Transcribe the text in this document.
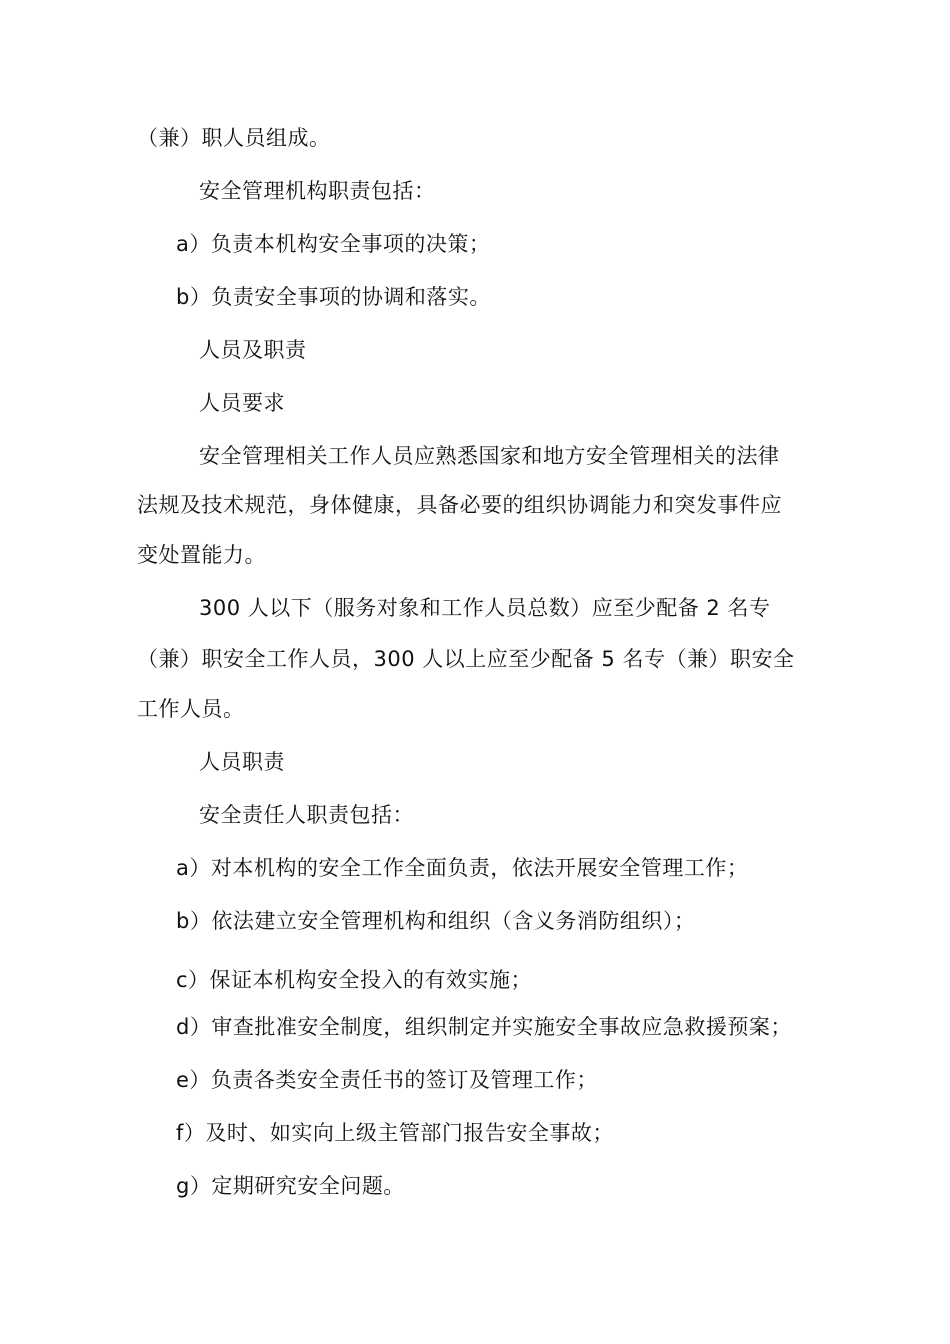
（兼）职人员组成。
安全管理机构职责包括：
a）负责本机构安全事项的决策；
b）负责安全事项的协调和落实。
人员及职责
人员要求
安全管理相关工作人员应熟悉国家和地方安全管理相关的法律
法规及技术规范，身体健康，具备必要的组织协调能力和突发事件应
变处置能力。
300 人以下（服务对象和工作人员总数）应至少配备 2 名专
（兼）职安全工作人员，300 人以上应至少配备 5 名专（兼）职安全
工作人员。
人员职责
安全责任人职责包括：
a）对本机构的安全工作全面负责，依法开展安全管理工作；
b）依法建立安全管理机构和组织（含义务消防组织）；
c）保证本机构安全投入的有效实施；
d）审查批准安全制度，组织制定并实施安全事故应急救援预案；
e）负责各类安全责任书的签订及管理工作；
f）及时、如实向上级主管部门报告安全事故；
g）定期研究安全问题。
